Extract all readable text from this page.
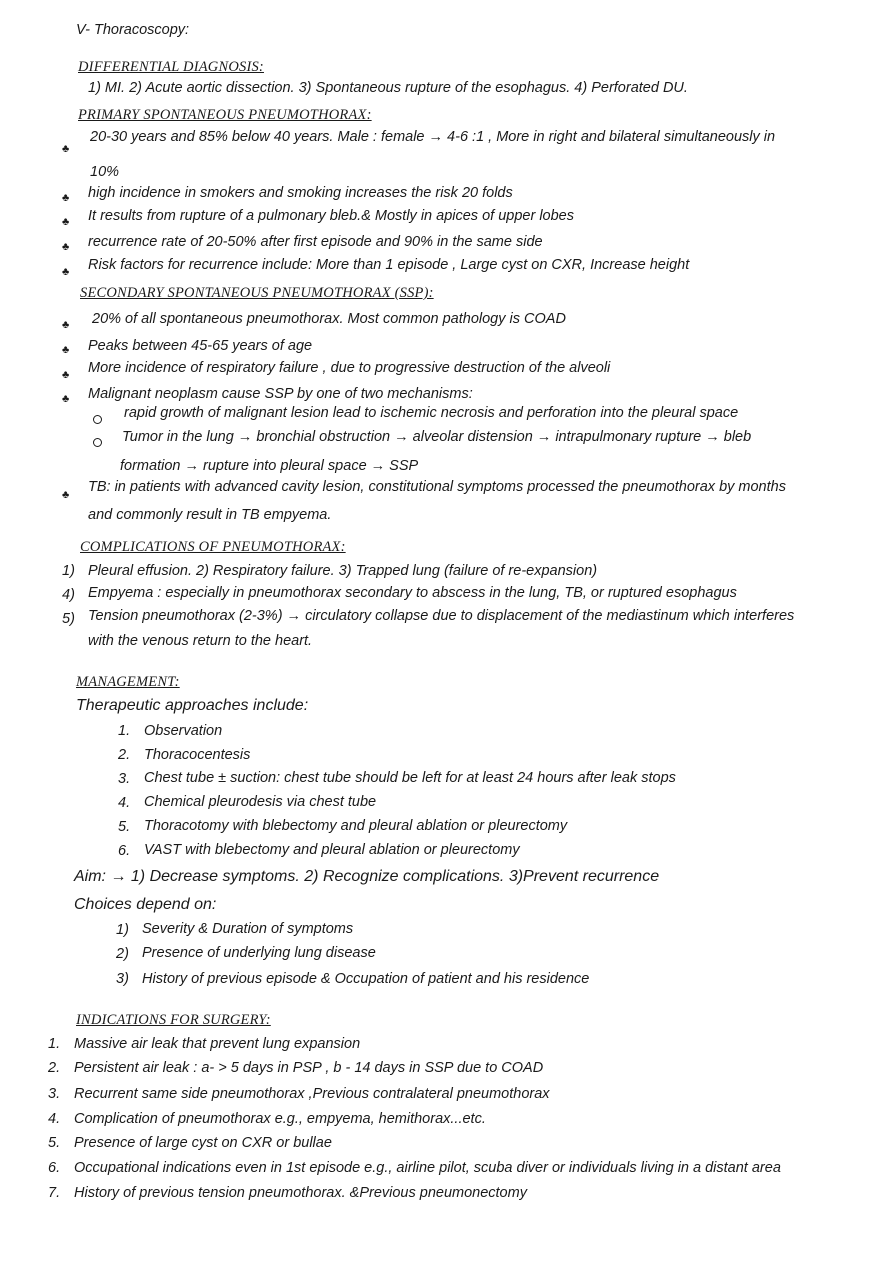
V- Thoracoscopy:
DIFFERENTIAL DIAGNOSIS:
1) MI. 2) Acute aortic dissection. 3) Spontaneous rupture of the esophagus. 4) Perforated DU.
PRIMARY SPONTANEOUS PNEUMOTHORAX:
♣
20-30 years and 85% below 40 years. Male : female → 4-6 :1 , More in right and bilateral simultaneously in
10%
♣ high incidence in smokers and smoking increases the risk 20 folds
♣ It results from rupture of a pulmonary bleb.& Mostly in apices of upper lobes
♣ recurrence rate of 20-50% after first episode and 90% in the same side
♣ Risk factors for recurrence include: More than 1 episode , Large cyst on CXR, Increase height
SECONDARY SPONTANEOUS PNEUMOTHORAX (SSP):
♣ 20% of all spontaneous pneumothorax. Most common pathology is COAD
♣ Peaks between 45-65 years of age
♣ More incidence of respiratory failure , due to progressive destruction of the alveoli
♣ Malignant neoplasm cause SSP by one of two mechanisms:
rapid growth of malignant lesion lead to ischemic necrosis and perforation into the pleural space
Tumor in the lung → bronchial obstruction → alveolar distension → intrapulmonary rupture → bleb
formation → rupture into pleural space → SSP
♣ TB: in patients with advanced cavity lesion, constitutional symptoms processed the pneumothorax by months
and commonly result in TB empyema.
COMPLICATIONS OF PNEUMOTHORAX:
1) Pleural effusion. 2) Respiratory failure. 3) Trapped lung (failure of re-expansion)
4) Empyema : especially in pneumothorax secondary to abscess in the lung, TB, or ruptured esophagus
5) Tension pneumothorax (2-3%) → circulatory collapse due to displacement of the mediastinum which interferes
with the venous return to the heart.
MANAGEMENT:
Therapeutic approaches include:
1. Observation
2. Thoracocentesis
3. Chest tube ± suction: chest tube should be left for at least 24 hours after leak stops
4. Chemical pleurodesis via chest tube
5. Thoracotomy with blebectomy and pleural ablation or pleurectomy
6. VAST with blebectomy and pleural ablation or pleurectomy
Aim: → 1) Decrease symptoms. 2) Recognize complications. 3)Prevent recurrence
Choices depend on:
1) Severity & Duration of symptoms
2) Presence of underlying lung disease
3) History of previous episode & Occupation of patient and his residence
INDICATIONS FOR SURGERY:
1. Massive air leak that prevent lung expansion
2. Persistent air leak : a- > 5 days in PSP , b - 14 days in SSP due to COAD
3. Recurrent same side pneumothorax ,Previous contralateral pneumothorax
4. Complication of pneumothorax e.g., empyema, hemithorax...etc.
5. Presence of large cyst on CXR or bullae
6. Occupational indications even in 1st episode e.g., airline pilot, scuba diver or individuals living in a distant area
7. History of previous tension pneumothorax. &Previous pneumonectomy
